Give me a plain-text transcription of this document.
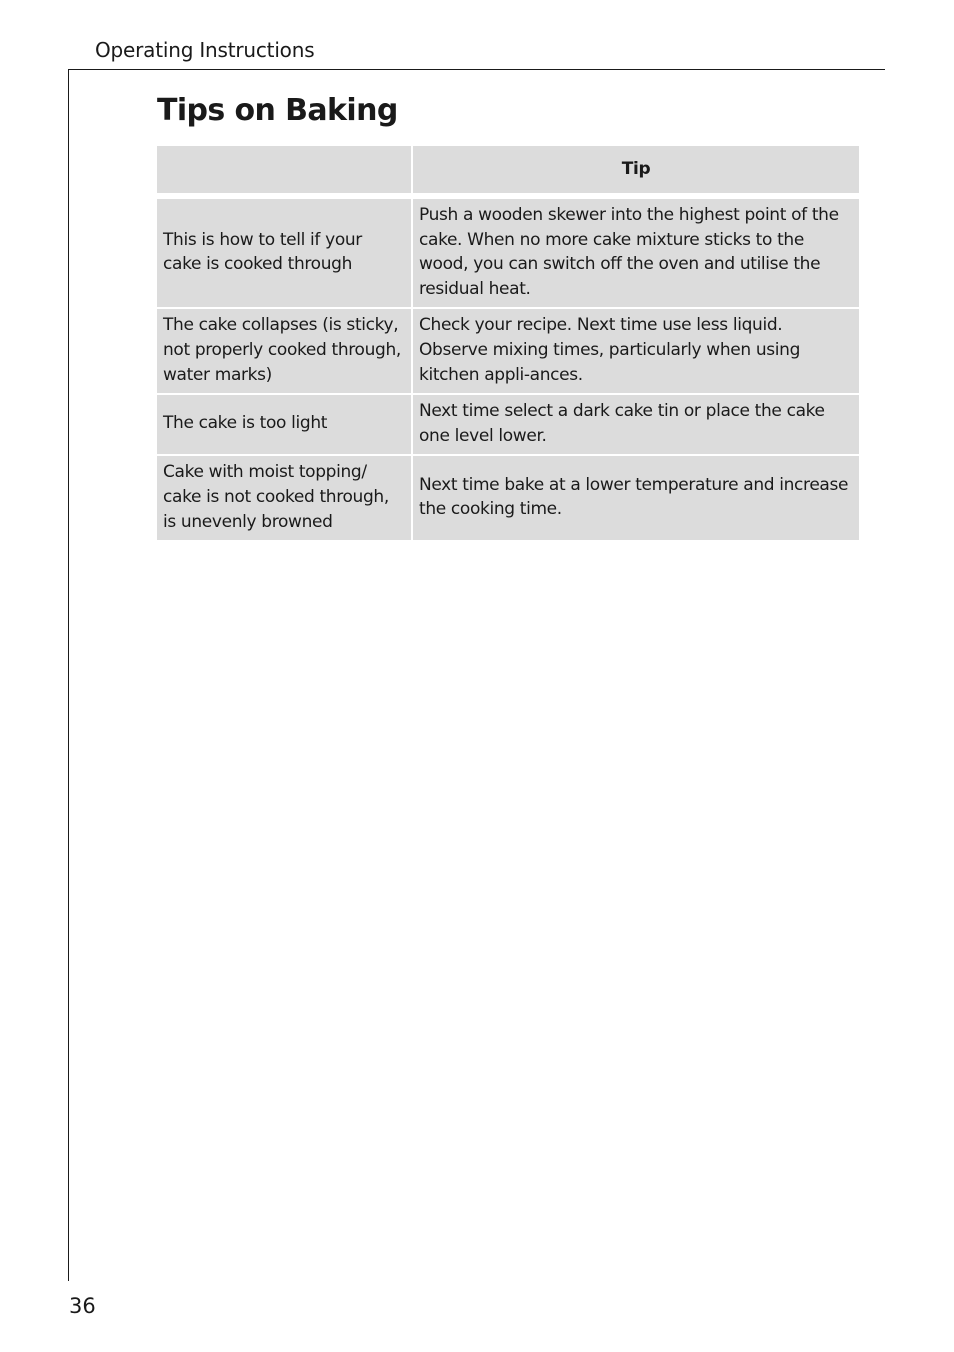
Operating Instructions
Tips on Baking
	Tip
This is how to tell if your cake is cooked through	Push a wooden skewer into the highest point of the cake. When no more cake mixture sticks to the wood, you can switch off the oven and utilise the residual heat.
The cake collapses (is sticky, not properly cooked through, water marks)	Check your recipe. Next time use less liquid. Observe mixing times, particularly when using kitchen appli-ances.
The cake is too light	Next time select a dark cake tin or place the cake one level lower.
Cake with moist topping/ cake is not cooked through, is unevenly browned	Next time bake at a lower temperature and increase the cooking time.
36
